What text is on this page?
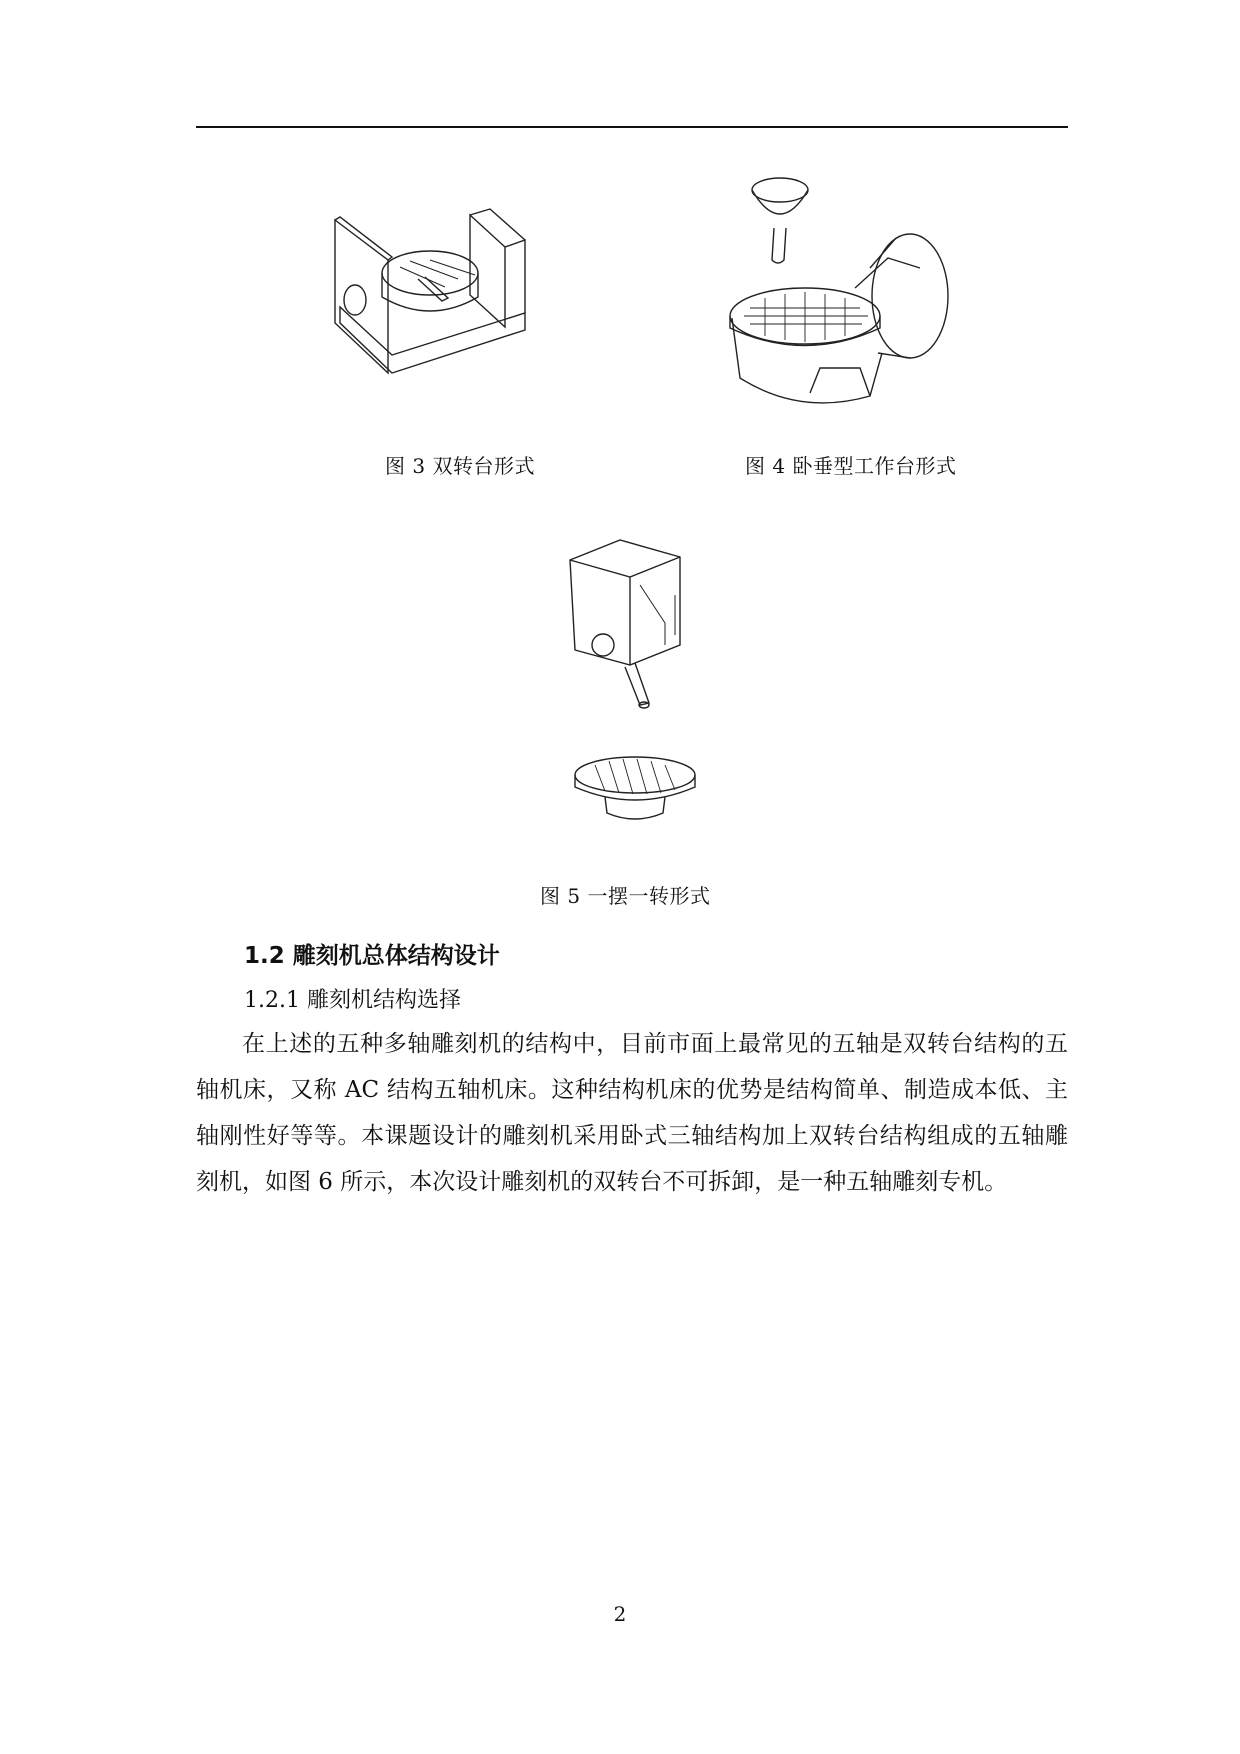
图 3 双转台形式	图 4 卧垂型工作台形式
图 5 一摆一转形式
1.2 雕刻机总体结构设计
1.2.1 雕刻机结构选择

在上述的五种多轴雕刻机的结构中，目前市面上最常见的五轴是双转台结构的五轴机床，又称 AC 结构五轴机床。这种结构机床的优势是结构简单、制造成本低、主轴刚性好等等。本课题设计的雕刻机采用卧式三轴结构加上双转台结构组成的五轴雕刻机，如图 6 所示，本次设计雕刻机的双转台不可拆卸，是一种五轴雕刻专机。

2
